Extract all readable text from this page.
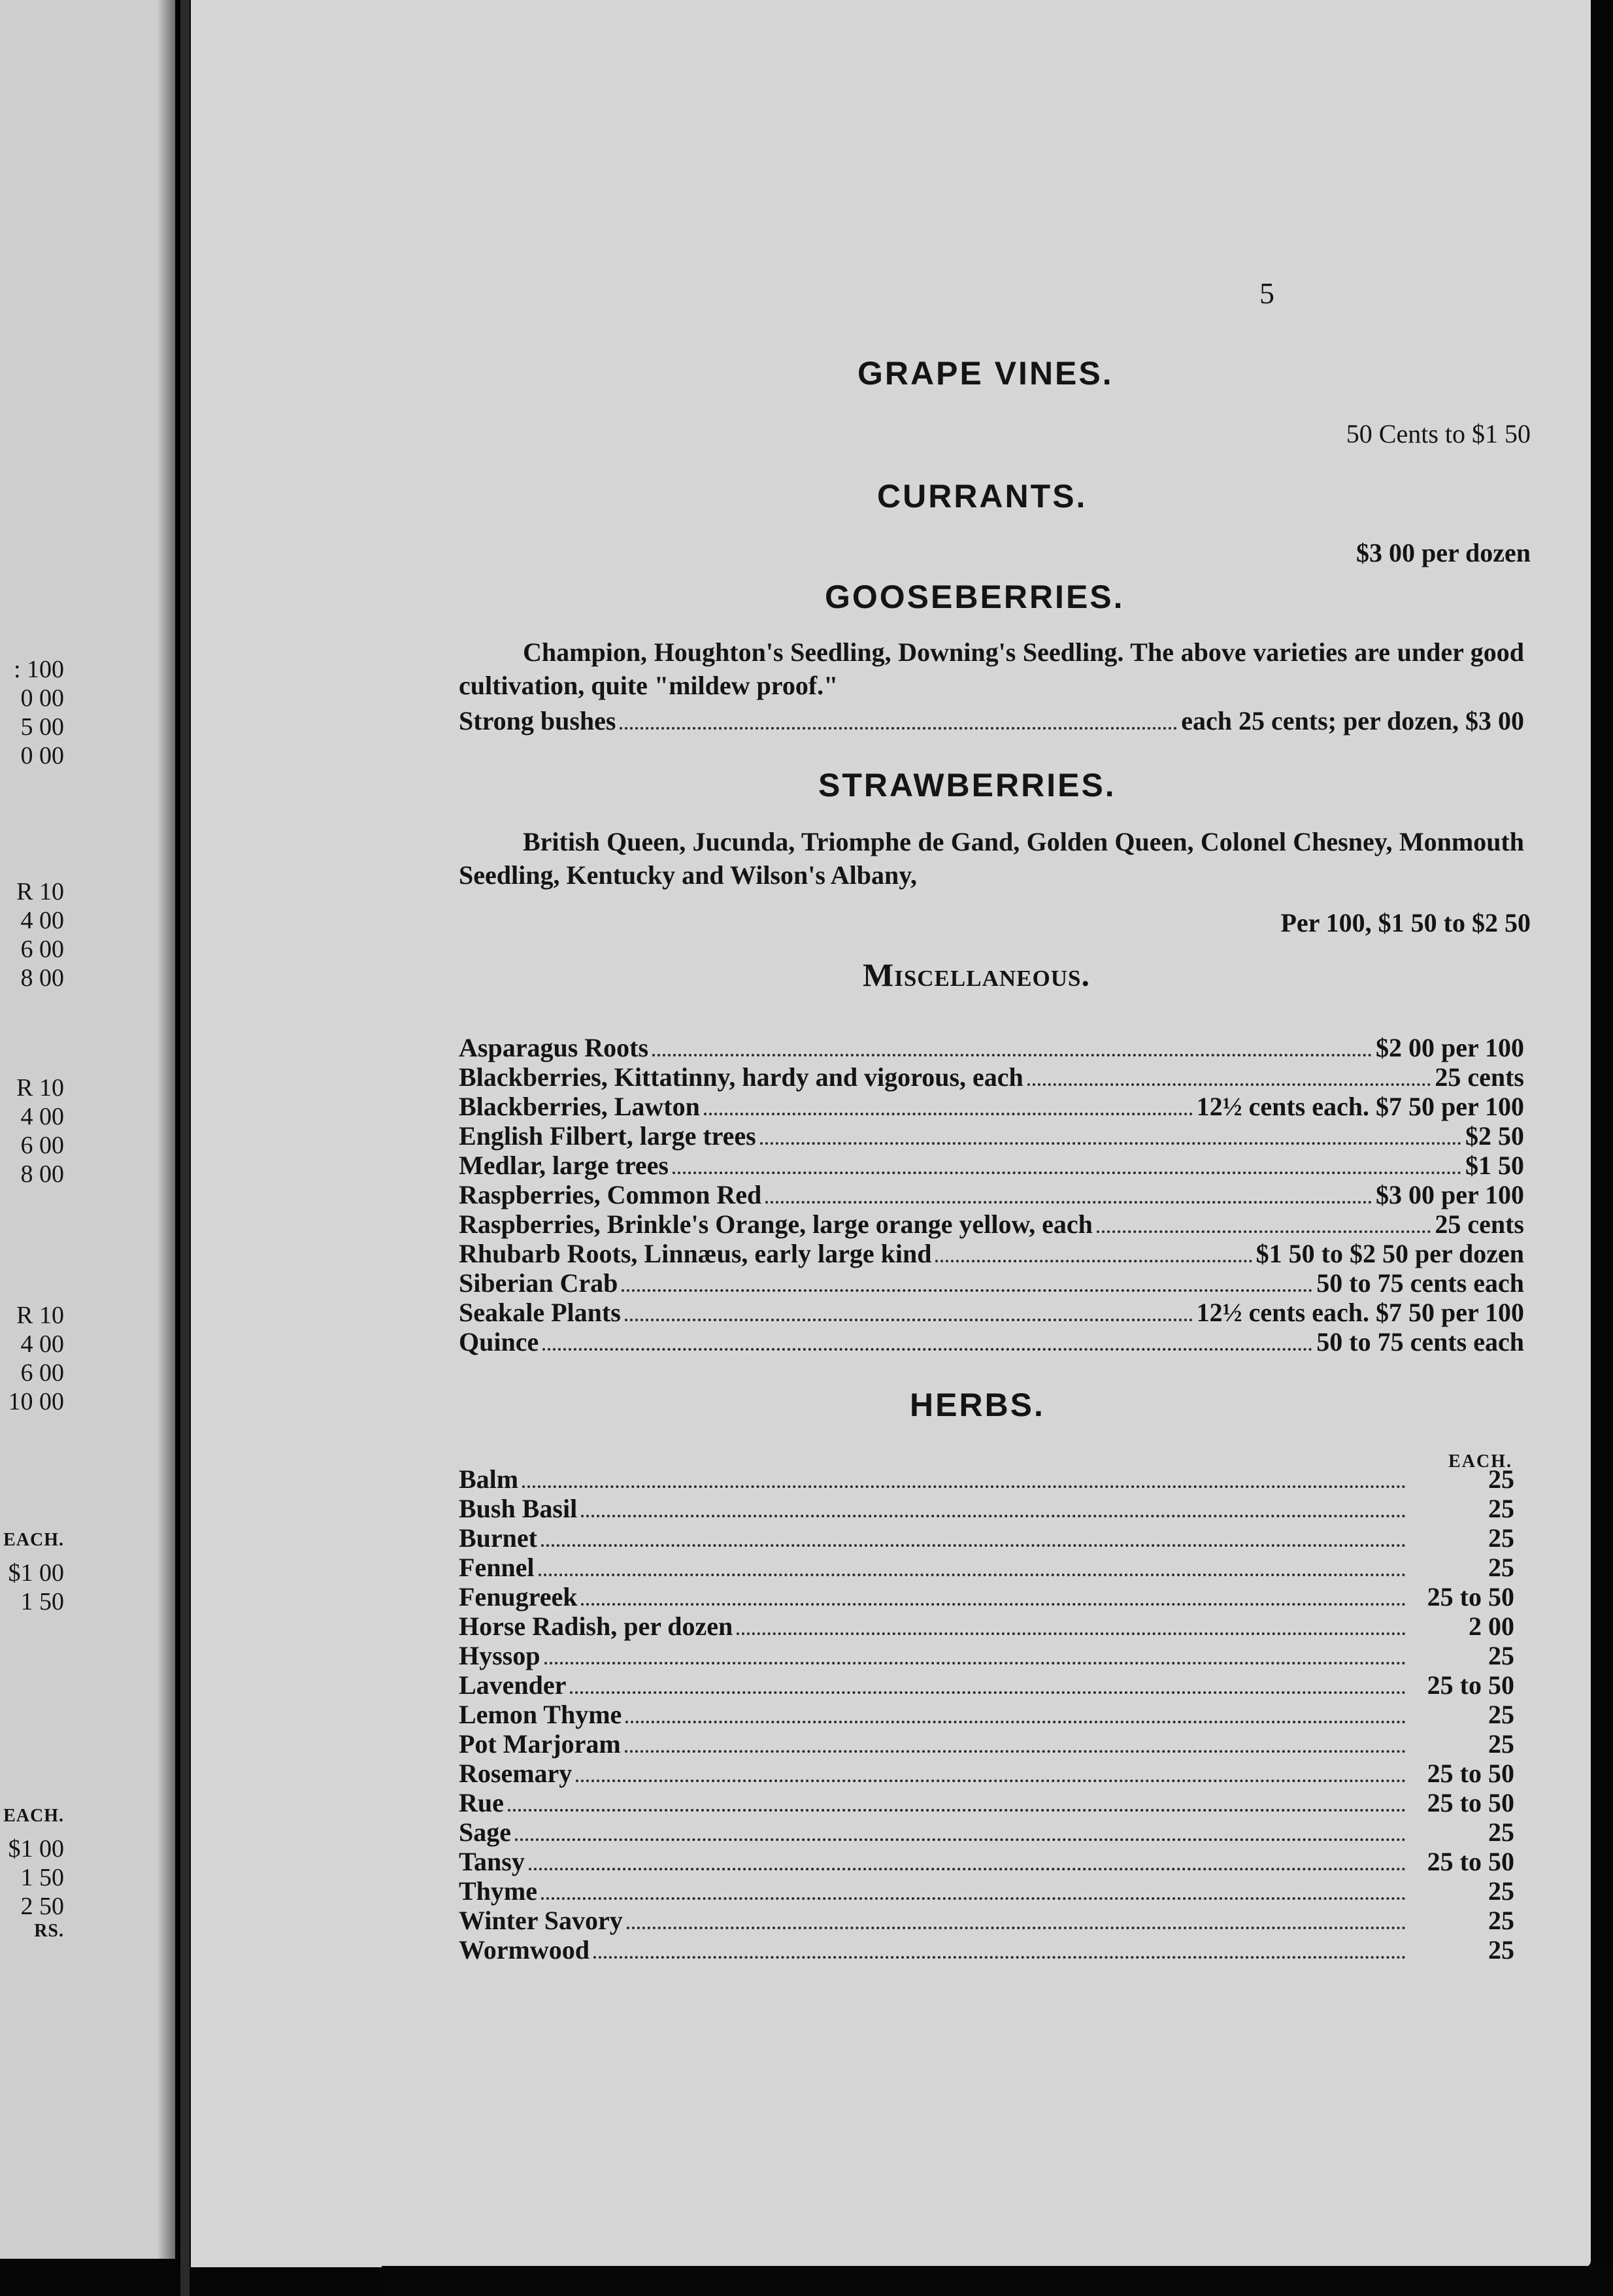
: 100
0 00
5 00
0 00
R 10
4 00
6 00
8 00
R 10
4 00
6 00
8 00
R 10
4 00
6 00
10 00
EACH.
$1 00
1 50
EACH.
$1 00
1 50
2 50
RS.
5
GRAPE VINES.
50 Cents to $1 50
CURRANTS.
$3 00 per dozen
GOOSEBERRIES.
Champion, Houghton's Seedling, Downing's Seedling. The above varieties are under good cultivation, quite "mildew proof."
Strong bushes	each 25 cents; per dozen, $3 00
STRAWBERRIES.
British Queen, Jucunda, Triomphe de Gand, Golden Queen, Colonel Chesney, Monmouth Seedling, Kentucky and Wilson's Albany,
Per 100, $1 50 to $2 50
Miscellaneous.
Asparagus Roots	$2 00 per 100
Blackberries, Kittatinny, hardy and vigorous, each	25 cents
Blackberries, Lawton	12½ cents each. $7 50 per 100
English Filbert, large trees	$2 50
Medlar, large trees	$1 50
Raspberries, Common Red	$3 00 per 100
Raspberries, Brinkle's Orange, large orange yellow, each	25 cents
Rhubarb Roots, Linnæus, early large kind	$1 50 to $2 50 per dozen
Siberian Crab	50 to 75 cents each
Seakale Plants	12½ cents each. $7 50 per 100
Quince	50 to 75 cents each
HERBS.
EACH.
Balm	25
Bush Basil	25
Burnet	25
Fennel	25
Fenugreek	25 to 50
Horse Radish, per dozen	2 00
Hyssop	25
Lavender	25 to 50
Lemon Thyme	25
Pot Marjoram	25
Rosemary	25 to 50
Rue	25 to 50
Sage	25
Tansy	25 to 50
Thyme	25
Winter Savory	25
Wormwood	25
